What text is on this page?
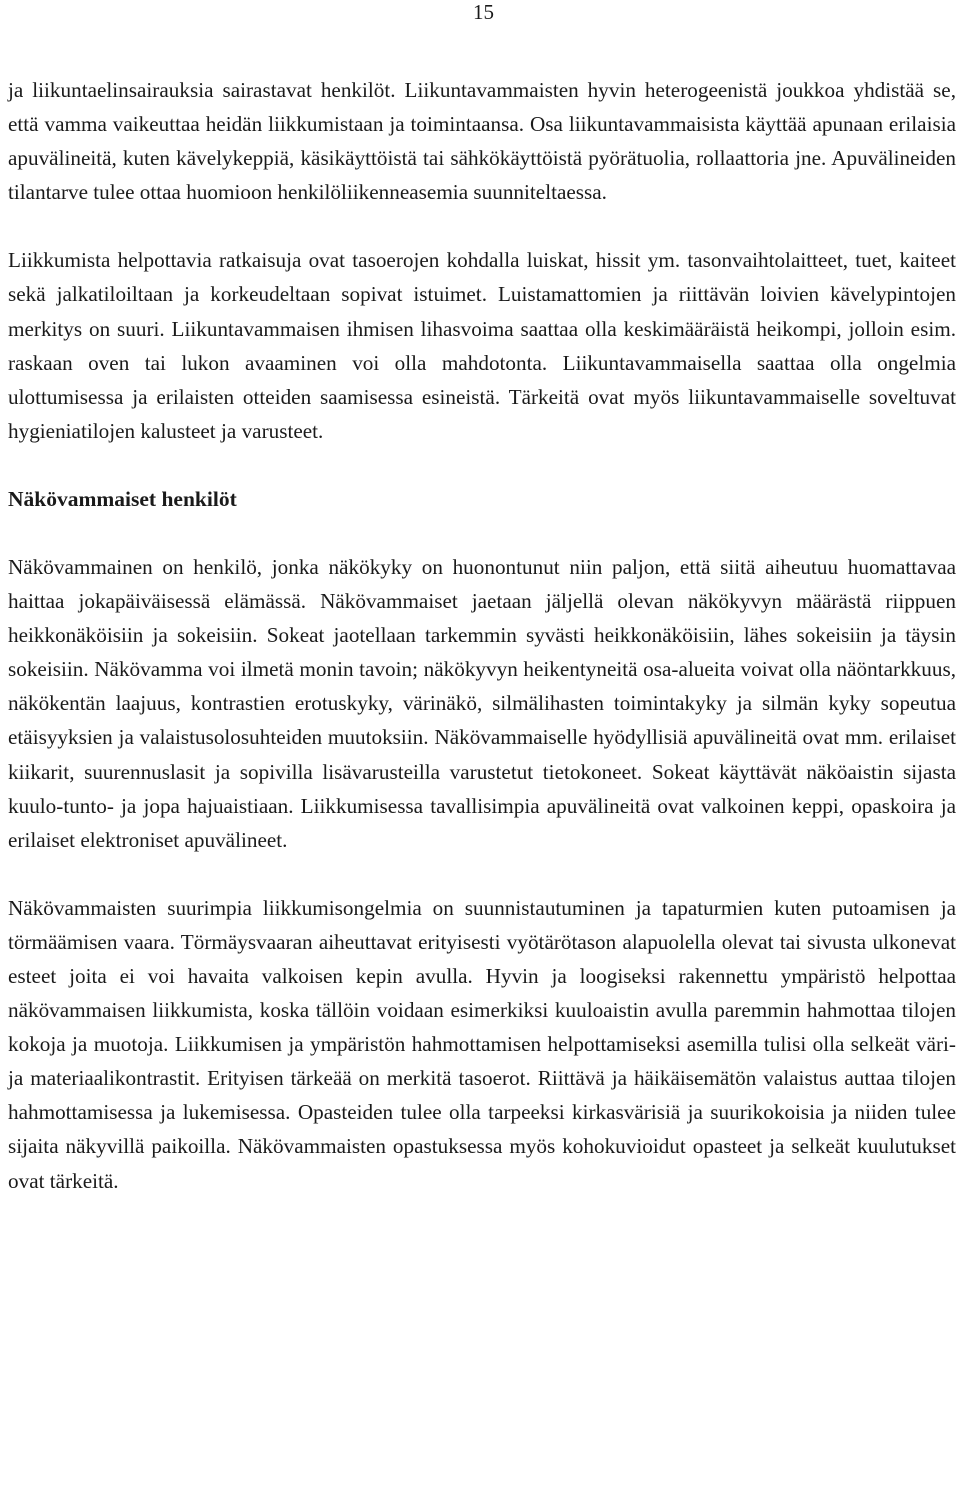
15

ja liikuntaelinsairauksia sairastavat henkilöt. Liikuntavammaisten hyvin heterogeenistä joukkoa yhdistää se, että vamma vaikeuttaa heidän liikkumistaan ja toimintaansa. Osa liikuntavammaisista käyttää apunaan erilaisia apuvälineitä, kuten kävelykeppiä, käsikäyttöistä tai sähkökäyttöistä pyörätuolia, rollaattoria jne. Apuvälineiden tilantarve tulee ottaa huomioon henkilöliikenneasemia suunniteltaessa.

Liikkumista helpottavia ratkaisuja ovat tasoerojen kohdalla luiskat, hissit ym. tasonvaihtolaitteet, tuet, kaiteet sekä jalkatiloiltaan ja korkeudeltaan sopivat istuimet. Luistamattomien ja riittävän loivien kävelypintojen merkitys on suuri. Liikuntavammaisen ihmisen lihasvoima saattaa olla keskimääräistä heikompi, jolloin esim. raskaan oven tai lukon avaaminen voi olla mahdotonta. Liikuntavammaisella saattaa olla ongelmia ulottumisessa ja erilaisten otteiden saamisessa esineistä. Tärkeitä ovat myös liikuntavammaiselle soveltuvat hygieniatilojen kalusteet ja varusteet.

Näkövammaiset henkilöt

Näkövammainen on henkilö, jonka näkökyky on huonontunut niin paljon, että siitä aiheutuu huomattavaa haittaa jokapäiväisessä elämässä. Näkövammaiset jaetaan jäljellä olevan näkökyvyn määrästä riippuen heikkonäköisiin ja sokeisiin. Sokeat jaotellaan tarkemmin syvästi heikkonäköisiin, lähes sokeisiin ja täysin sokeisiin. Näkövamma voi ilmetä monin tavoin; näkökyvyn heikentyneitä osa-alueita voivat olla näöntarkkuus, näkökentän laajuus, kontrastien erotuskyky, värinäkö, silmälihasten toimintakyky ja silmän kyky sopeutua etäisyyksien ja valaistusolosuhteiden muutoksiin. Näkövammaiselle hyödyllisiä apuvälineitä ovat mm. erilaiset kiikarit, suurennuslasit ja sopivilla lisävarusteilla varustetut tietokoneet. Sokeat käyttävät näköaistin sijasta kuulo-tunto- ja jopa hajuaistiaan. Liikkumisessa tavallisimpia apuvälineitä ovat valkoinen keppi, opaskoira ja erilaiset elektroniset apuvälineet.

Näkövammaisten suurimpia liikkumisongelmia on suunnistautuminen ja tapaturmien kuten putoamisen ja törmäämisen vaara. Törmäysvaaran aiheuttavat erityisesti vyötärötason alapuolella olevat tai sivusta ulkonevat esteet joita ei voi havaita valkoisen kepin avulla. Hyvin ja loogiseksi rakennettu ympäristö helpottaa näkövammaisen liikkumista, koska tällöin voidaan esimerkiksi kuuloaistin avulla paremmin hahmottaa tilojen kokoja ja muotoja. Liikkumisen ja ympäristön hahmottamisen helpottamiseksi asemilla tulisi olla selkeät väri- ja materiaalikontrastit. Erityisen tärkeää on merkitä tasoerot. Riittävä ja häikäisemätön valaistus auttaa tilojen hahmottamisessa ja lukemisessa. Opasteiden tulee olla tarpeeksi kirkasvärisiä ja suurikokoisia ja niiden tulee sijaita näkyvillä paikoilla. Näkövammaisten opastuksessa myös kohokuvioidut opasteet ja selkeät kuulutukset ovat tärkeitä.
